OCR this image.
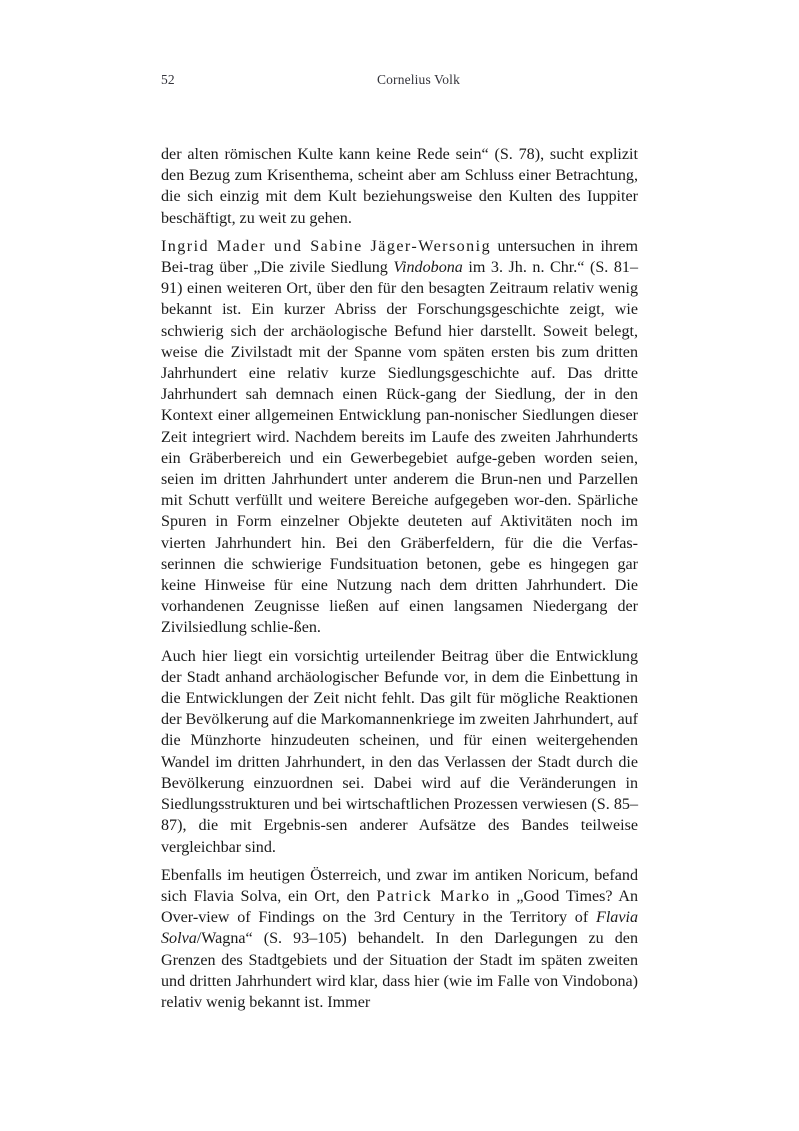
52	Cornelius Volk

der alten römischen Kulte kann keine Rede sein“ (S. 78), sucht explizit den Bezug zum Krisenthema, scheint aber am Schluss einer Betrachtung, die sich einzig mit dem Kult beziehungsweise den Kulten des Iuppiter beschäftigt, zu weit zu gehen.

Ingrid Mader und Sabine Jäger-Wersonig untersuchen in ihrem Bei-trag über „Die zivile Siedlung Vindobona im 3. Jh. n. Chr.“ (S. 81–91) einen weiteren Ort, über den für den besagten Zeitraum relativ wenig bekannt ist. Ein kurzer Abriss der Forschungsgeschichte zeigt, wie schwierig sich der archäologische Befund hier darstellt. Soweit belegt, weise die Zivilstadt mit der Spanne vom späten ersten bis zum dritten Jahrhundert eine relativ kurze Siedlungsgeschichte auf. Das dritte Jahrhundert sah demnach einen Rück-gang der Siedlung, der in den Kontext einer allgemeinen Entwicklung pan-nonischer Siedlungen dieser Zeit integriert wird. Nachdem bereits im Laufe des zweiten Jahrhunderts ein Gräberbereich und ein Gewerbegebiet aufge-geben worden seien, seien im dritten Jahrhundert unter anderem die Brun-nen und Parzellen mit Schutt verfüllt und weitere Bereiche aufgegeben wor-den. Spärliche Spuren in Form einzelner Objekte deuteten auf Aktivitäten noch im vierten Jahrhundert hin. Bei den Gräberfeldern, für die die Verfas-serinnen die schwierige Fundsituation betonen, gebe es hingegen gar keine Hinweise für eine Nutzung nach dem dritten Jahrhundert. Die vorhandenen Zeugnisse ließen auf einen langsamen Niedergang der Zivilsiedlung schlie-ßen.

Auch hier liegt ein vorsichtig urteilender Beitrag über die Entwicklung der Stadt anhand archäologischer Befunde vor, in dem die Einbettung in die Entwicklungen der Zeit nicht fehlt. Das gilt für mögliche Reaktionen der Bevölkerung auf die Markomannenkriege im zweiten Jahrhundert, auf die Münzhorte hinzudeuten scheinen, und für einen weitergehenden Wandel im dritten Jahrhundert, in den das Verlassen der Stadt durch die Bevölkerung einzuordnen sei. Dabei wird auf die Veränderungen in Siedlungsstrukturen und bei wirtschaftlichen Prozessen verwiesen (S. 85–87), die mit Ergebnis-sen anderer Aufsätze des Bandes teilweise vergleichbar sind.

Ebenfalls im heutigen Österreich, und zwar im antiken Noricum, befand sich Flavia Solva, ein Ort, den Patrick Marko in „Good Times? An Over-view of Findings on the 3rd Century in the Territory of Flavia Solva/Wagna“ (S. 93–105) behandelt. In den Darlegungen zu den Grenzen des Stadtgebiets und der Situation der Stadt im späten zweiten und dritten Jahrhundert wird klar, dass hier (wie im Falle von Vindobona) relativ wenig bekannt ist. Immer
